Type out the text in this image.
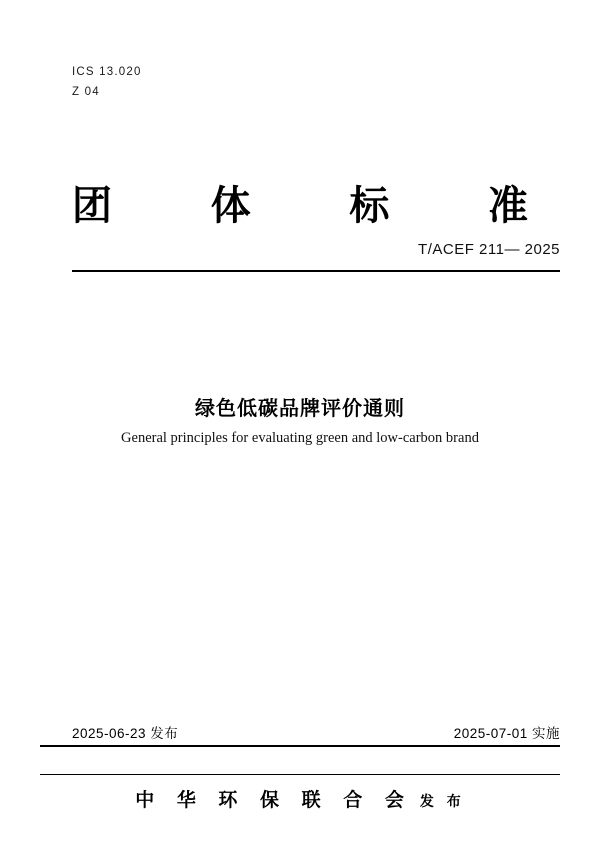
ICS 13.020
Z 04
团 体 标 准
T/ACEF 211— 2025
绿色低碳品牌评价通则
General principles for evaluating green and low-carbon brand
2025-06-23 发布	2025-07-01 实施
中 华 环 保 联 合 会 发 布
